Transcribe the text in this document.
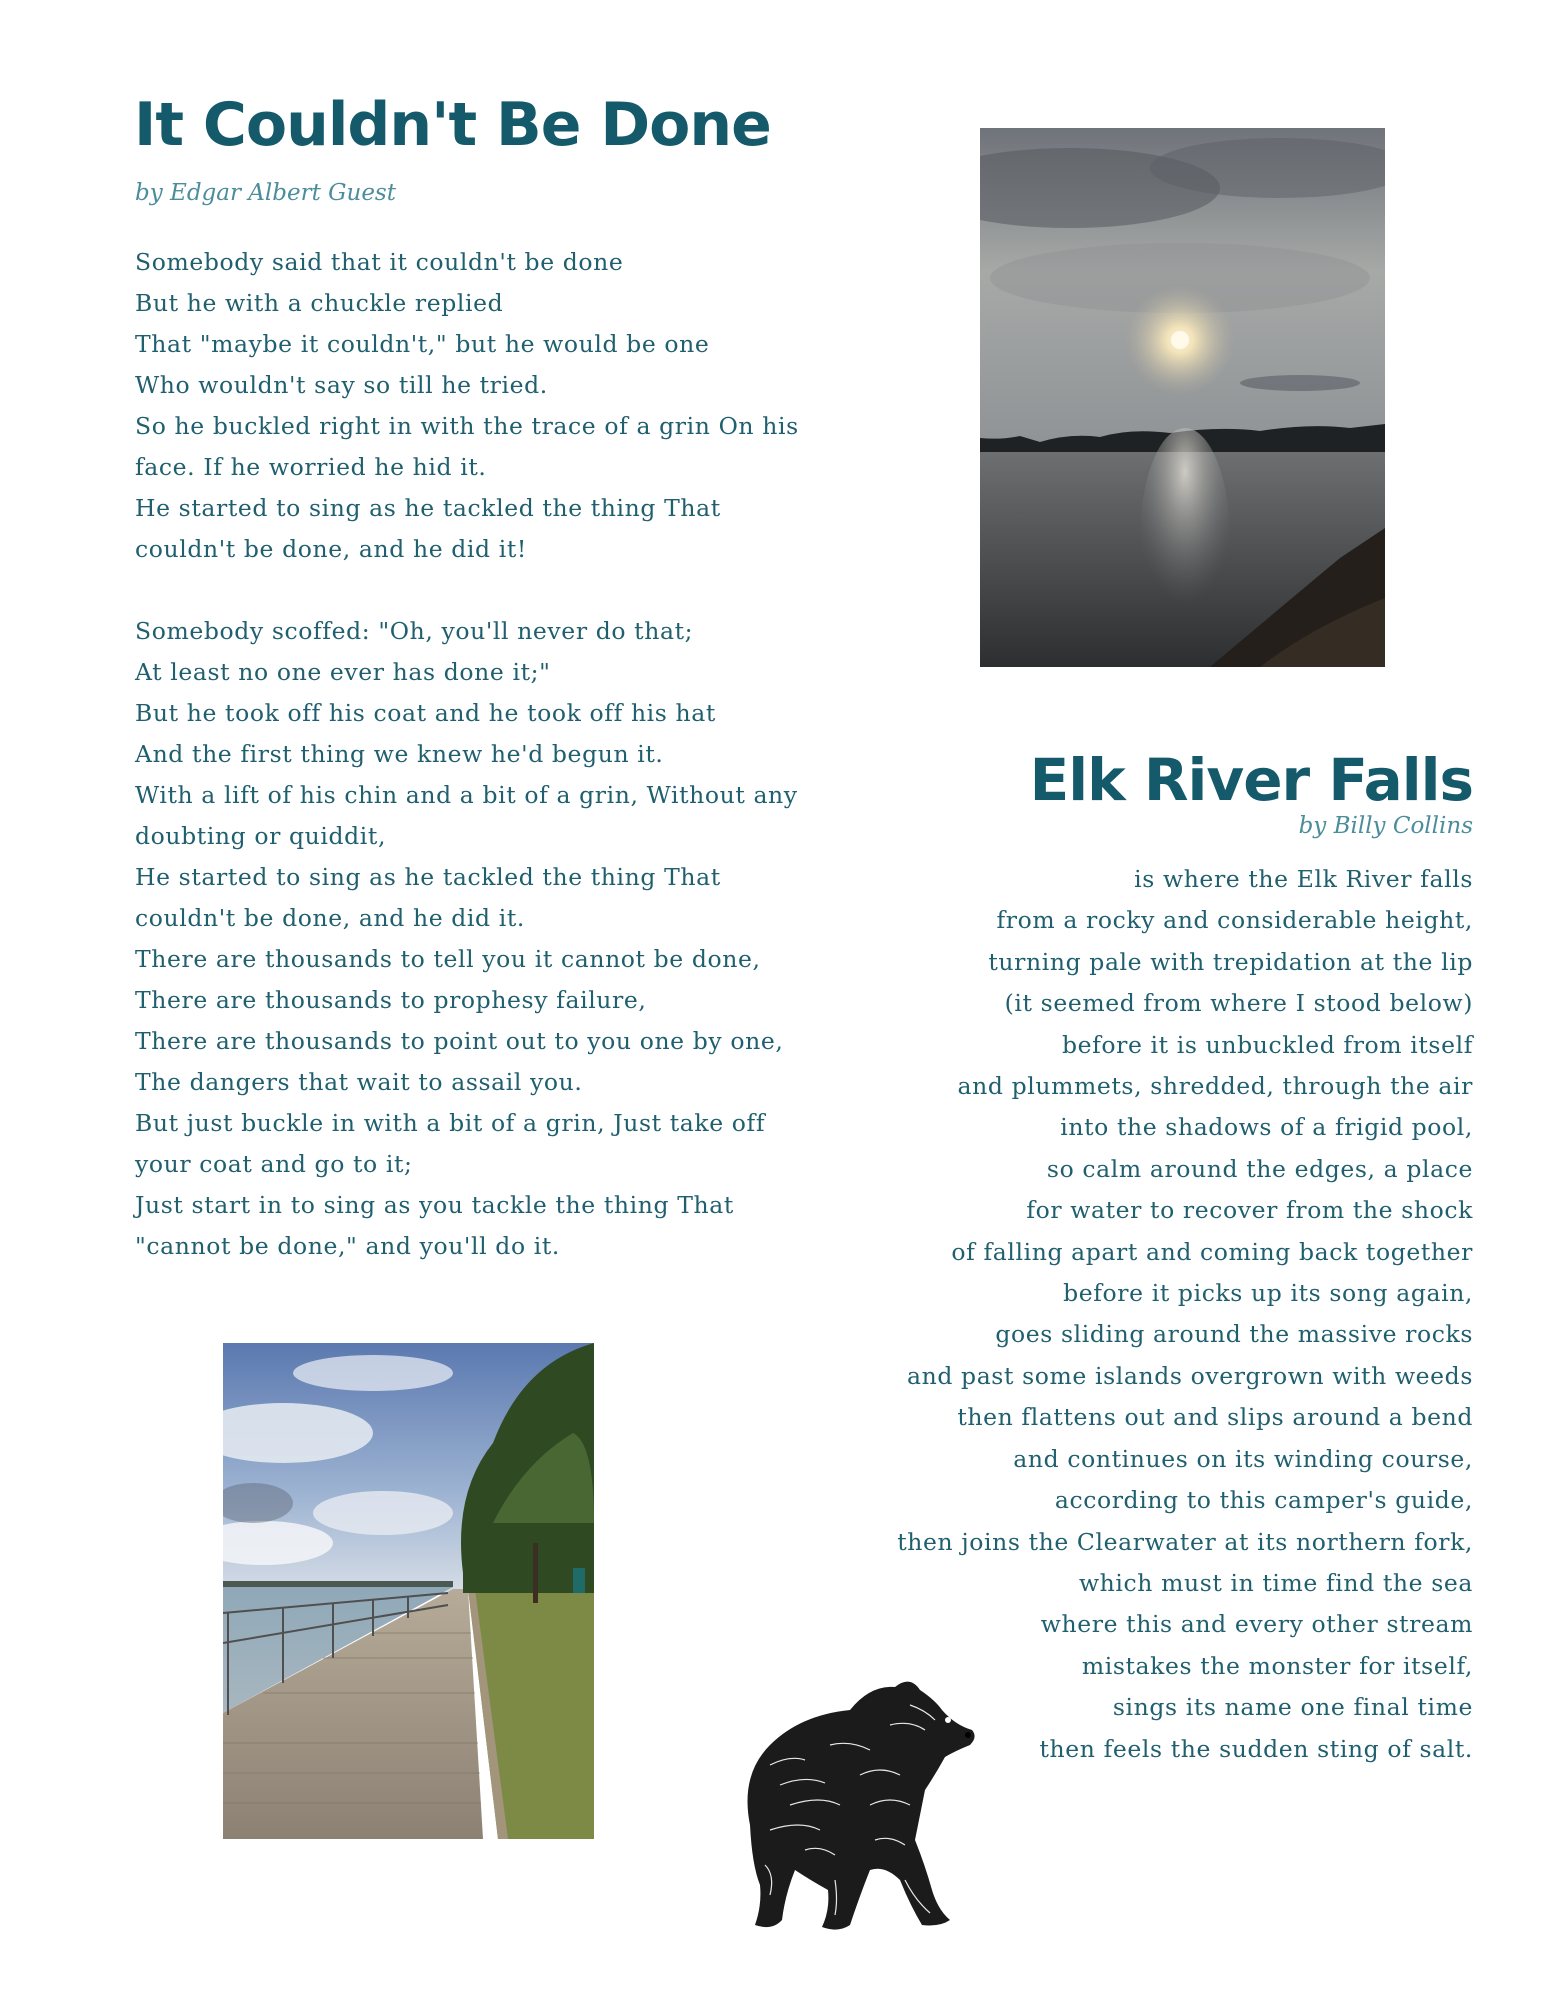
It Couldn't Be Done
by Edgar Albert Guest
Somebody said that it couldn't be done
But he with a chuckle replied
That "maybe it couldn't," but he would be one
Who wouldn't say so till he tried.
So he buckled right in with the trace of a grin On his
face. If he worried he hid it.
He started to sing as he tackled the thing That
couldn't be done, and he did it!
Somebody scoffed: "Oh, you'll never do that;
At least no one ever has done it;"
But he took off his coat and he took off his hat
And the first thing we knew he'd begun it.
With a lift of his chin and a bit of a grin, Without any
doubting or quiddit,
He started to sing as he tackled the thing That
couldn't be done, and he did it.
There are thousands to tell you it cannot be done,
There are thousands to prophesy failure,
There are thousands to point out to you one by one,
The dangers that wait to assail you.
But just buckle in with a bit of a grin, Just take off
your coat and go to it;
Just start in to sing as you tackle the thing That
"cannot be done," and you'll do it.
Elk River Falls
by Billy Collins
is where the Elk River falls
from a rocky and considerable height,
turning pale with trepidation at the lip
(it seemed from where I stood below)
before it is unbuckled from itself
and plummets, shredded, through the air
into the shadows of a frigid pool,
so calm around the edges, a place
for water to recover from the shock
of falling apart and coming back together
before it picks up its song again,
goes sliding around the massive rocks
and past some islands overgrown with weeds
then flattens out and slips around a bend
and continues on its winding course,
according to this camper's guide,
then joins the Clearwater at its northern fork,
which must in time find the sea
where this and every other stream
mistakes the monster for itself,
sings its name one final time
then feels the sudden sting of salt.
